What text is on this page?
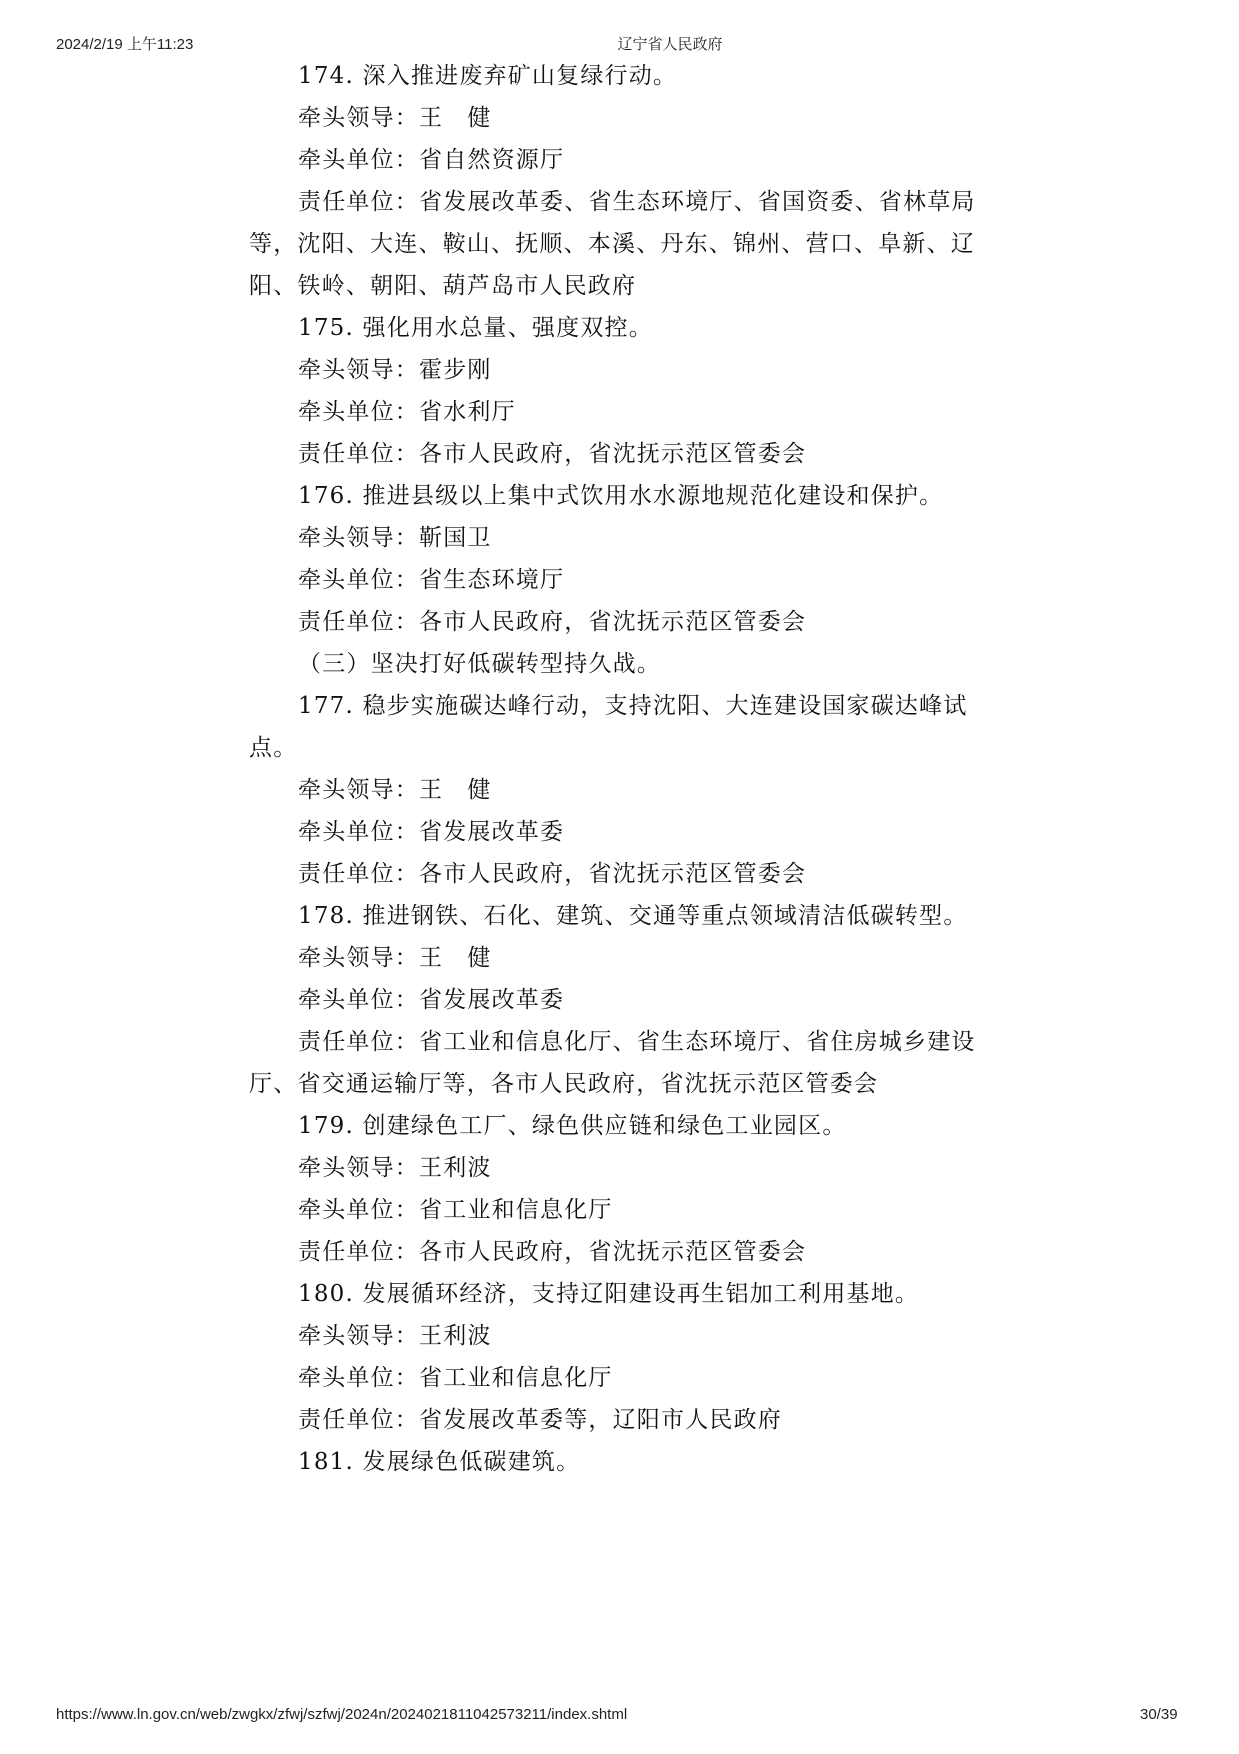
2024/2/19 上午11:23	辽宁省人民政府
174. 深入推进废弃矿山复绿行动。
牵头领导：王　健
牵头单位：省自然资源厅
责任单位：省发展改革委、省生态环境厅、省国资委、省林草局
等，沈阳、大连、鞍山、抚顺、本溪、丹东、锦州、营口、阜新、辽
阳、铁岭、朝阳、葫芦岛市人民政府
175. 强化用水总量、强度双控。
牵头领导：霍步刚
牵头单位：省水利厅
责任单位：各市人民政府，省沈抚示范区管委会
176. 推进县级以上集中式饮用水水源地规范化建设和保护。
牵头领导：靳国卫
牵头单位：省生态环境厅
责任单位：各市人民政府，省沈抚示范区管委会
（三）坚决打好低碳转型持久战。
177. 稳步实施碳达峰行动，支持沈阳、大连建设国家碳达峰试
点。
牵头领导：王　健
牵头单位：省发展改革委
责任单位：各市人民政府，省沈抚示范区管委会
178. 推进钢铁、石化、建筑、交通等重点领域清洁低碳转型。
牵头领导：王　健
牵头单位：省发展改革委
责任单位：省工业和信息化厅、省生态环境厅、省住房城乡建设
厅、省交通运输厅等，各市人民政府，省沈抚示范区管委会
179. 创建绿色工厂、绿色供应链和绿色工业园区。
牵头领导：王利波
牵头单位：省工业和信息化厅
责任单位：各市人民政府，省沈抚示范区管委会
180. 发展循环经济，支持辽阳建设再生铝加工利用基地。
牵头领导：王利波
牵头单位：省工业和信息化厅
责任单位：省发展改革委等，辽阳市人民政府
181. 发展绿色低碳建筑。
https://www.ln.gov.cn/web/zwgkx/zfwj/szfwj/2024n/2024021811042573211/index.shtml	30/39
